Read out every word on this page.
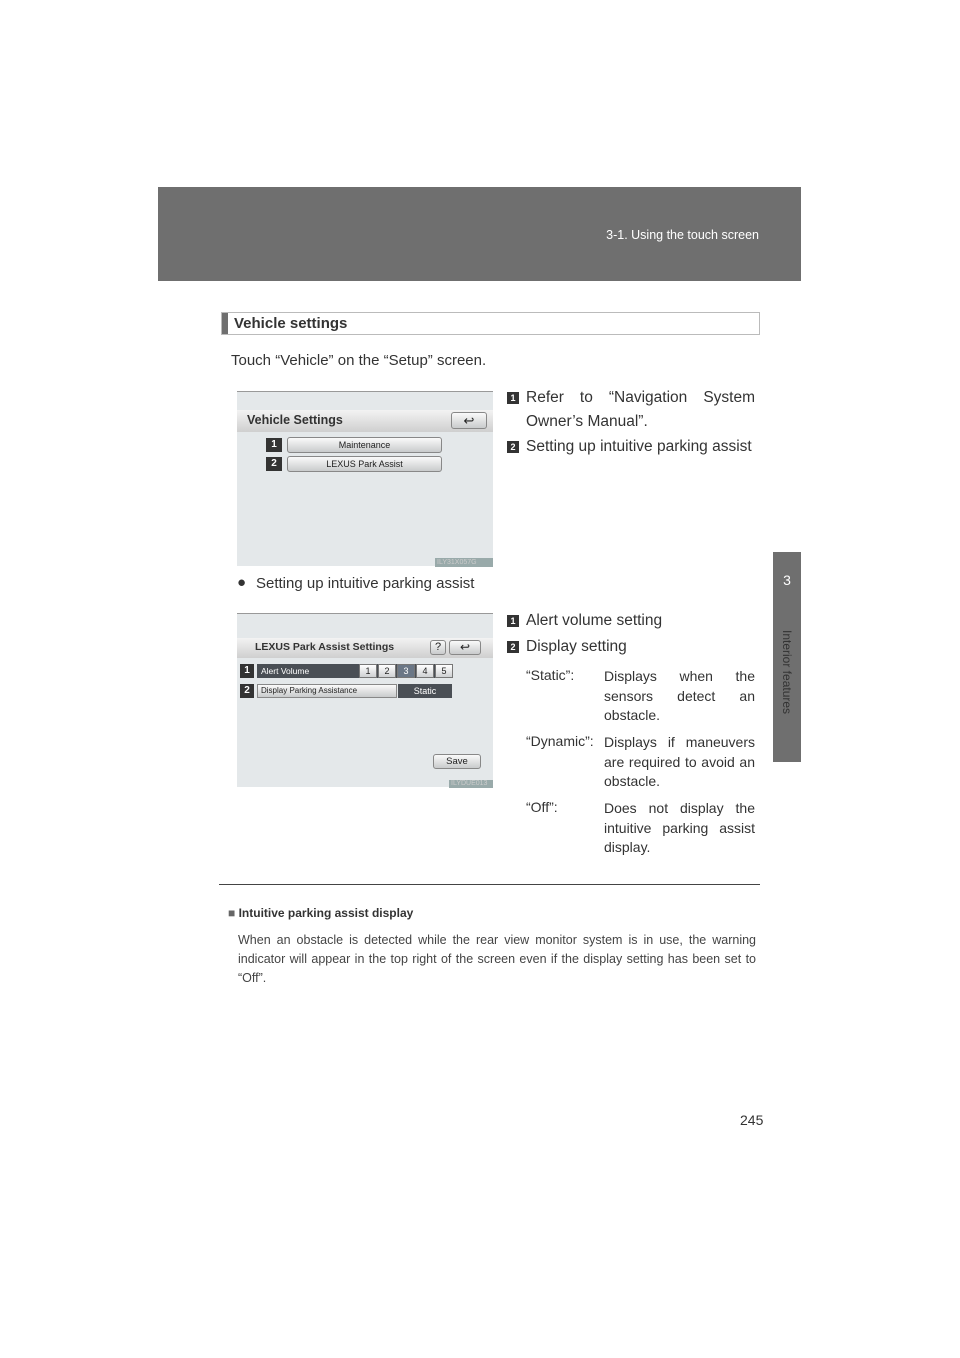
3-1. Using the touch screen
3
Interior features
Vehicle settings
Touch “Vehicle” on the “Setup” screen.
Vehicle Settings	↩
1	Maintenance
2	LEXUS Park Assist
ILY31X057G
1 Refer to “Navigation System Owner’s Manual”.
2 Setting up intuitive parking assist
● Setting up intuitive parking assist
LEXUS Park Assist Settings	?	↩
1	Alert Volume	1	2	3	4	5
2	Display Parking Assistance	Static
Save
ILYDUE013
1 Alert volume setting
2 Display setting
“Static”: Displays when the sensors detect an obstacle.
“Dynamic”: Displays if maneuvers are required to avoid an obstacle.
“Off”:	Does not display the intuitive parking assist display.
■ Intuitive parking assist display
When an obstacle is detected while the rear view monitor system is in use, the warning indicator will appear in the top right of the screen even if the display setting has been set to “Off”.
245
